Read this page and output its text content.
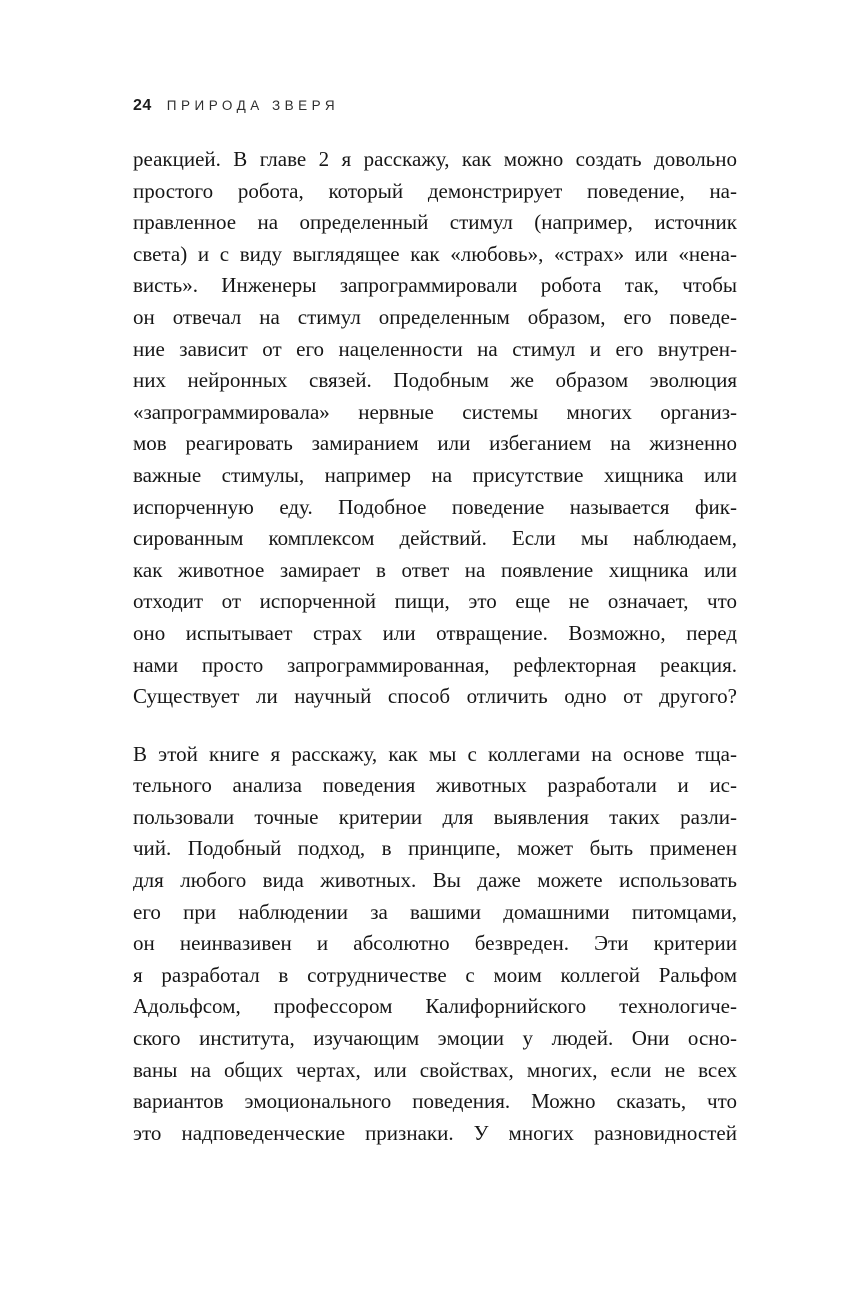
24 ПРИРОДА ЗВЕРЯ
реакцией. В главе 2 я расскажу, как можно создать довольно
простого робота, который демонстрирует поведение, на-
правленное на определенный стимул (например, источник
света) и с виду выглядящее как «любовь», «страх» или «нена-
висть». Инженеры запрограммировали робота так, чтобы
он отвечал на стимул определенным образом, его поведе-
ние зависит от его нацеленности на стимул и его внутрен-
них нейронных связей. Подобным же образом эволюция
«запрограммировала» нервные системы многих организ-
мов реагировать замиранием или избеганием на жизненно
важные стимулы, например на присутствие хищника или
испорченную еду. Подобное поведение называется фик-
сированным комплексом действий. Если мы наблюдаем,
как животное замирает в ответ на появление хищника или
отходит от испорченной пищи, это еще не означает, что
оно испытывает страх или отвращение. Возможно, перед
нами просто запрограммированная, рефлекторная реакция.
Существует ли научный способ отличить одно от другого?
В этой книге я расскажу, как мы с коллегами на основе тща-
тельного анализа поведения животных разработали и ис-
пользовали точные критерии для выявления таких разли-
чий. Подобный подход, в принципе, может быть применен
для любого вида животных. Вы даже можете использовать
его при наблюдении за вашими домашними питомцами,
он неинвазивен и абсолютно безвреден. Эти критерии
я разработал в сотрудничестве с моим коллегой Ральфом
Адольфсом, профессором Калифорнийского технологиче-
ского института, изучающим эмоции у людей. Они осно-
ваны на общих чертах, или свойствах, многих, если не всех
вариантов эмоционального поведения. Можно сказать, что
это надповеденческие признаки. У многих разновидностей
